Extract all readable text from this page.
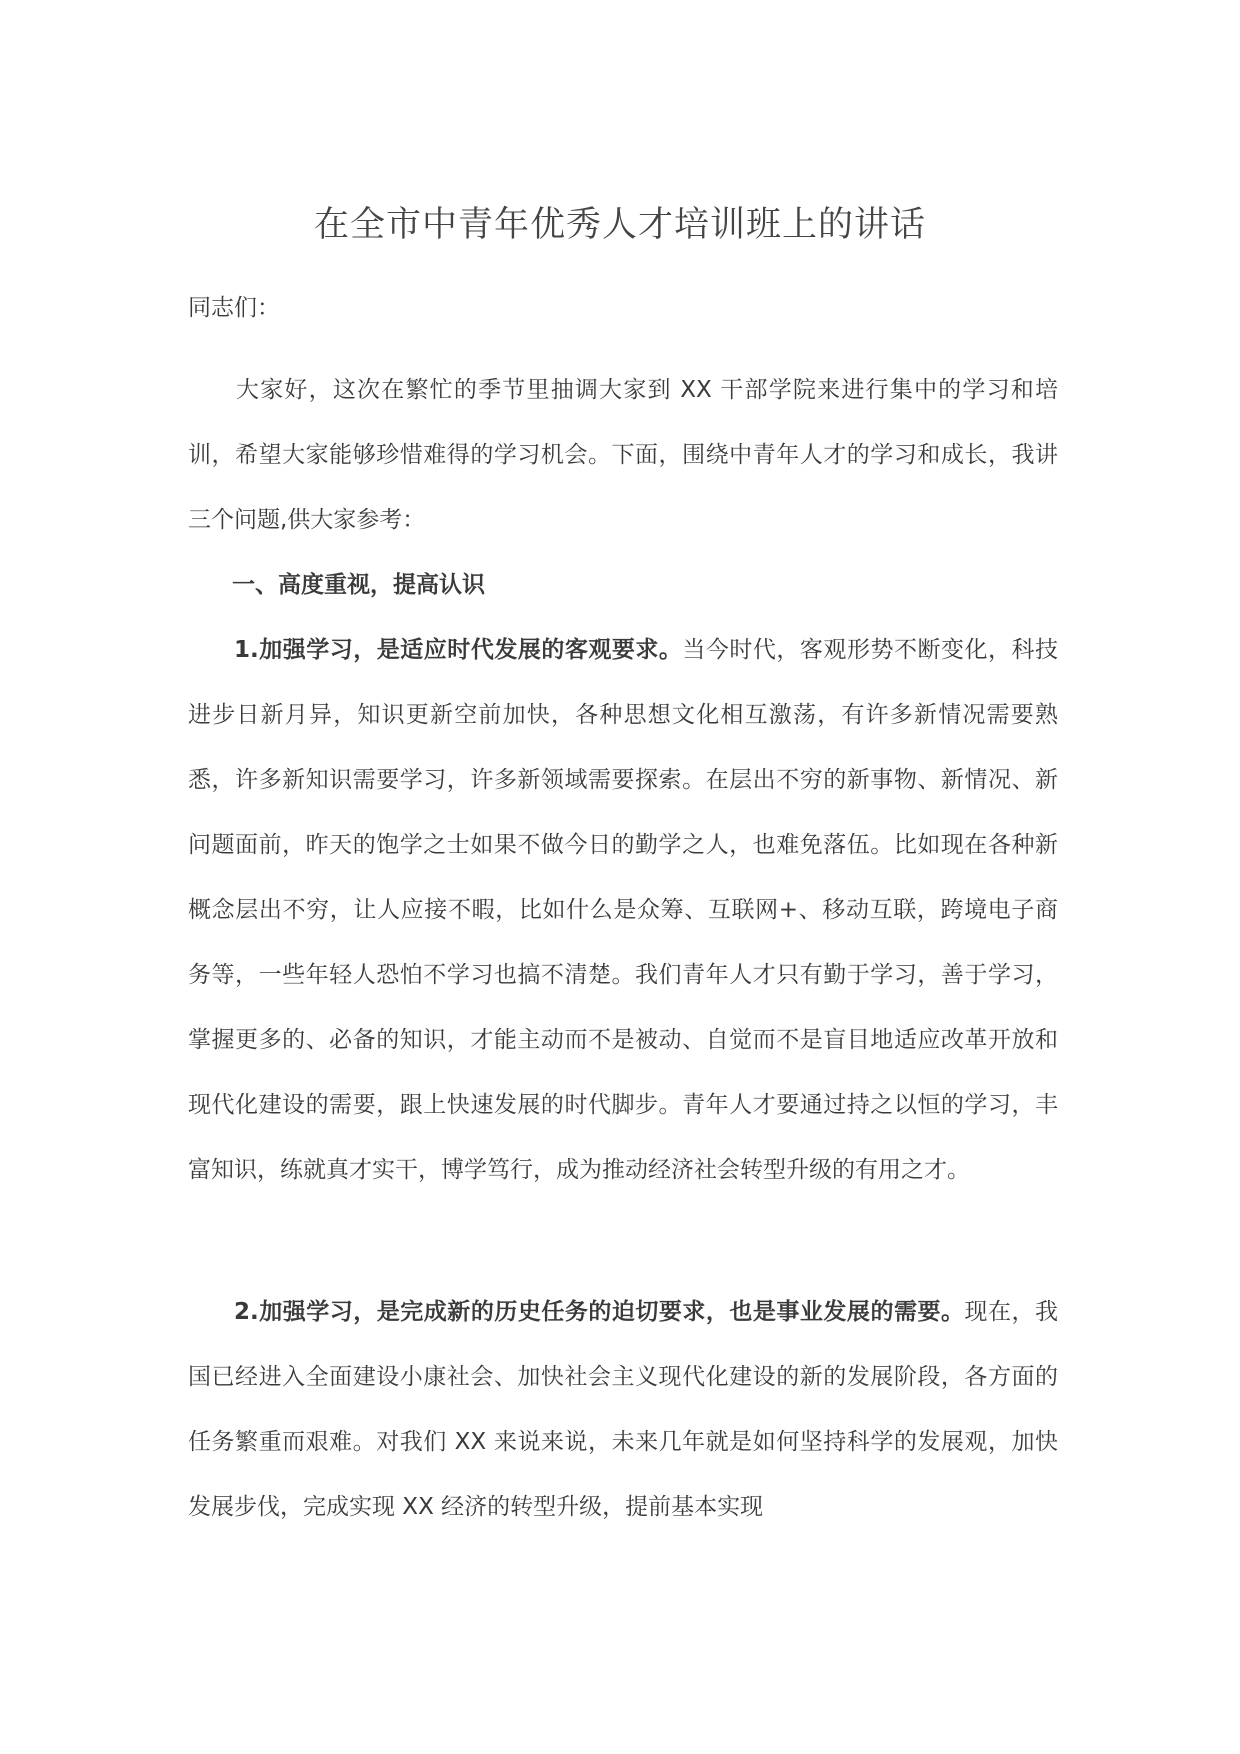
在全市中青年优秀人才培训班上的讲话
同志们：

大家好，这次在繁忙的季节里抽调大家到 XX 干部学院来进行集中的学习和培训，希望大家能够珍惜难得的学习机会。下面，围绕中青年人才的学习和成长，我讲三个问题,供大家参考：

一、高度重视，提高认识

1.加强学习，是适应时代发展的客观要求。当今时代，客观形势不断变化，科技进步日新月异，知识更新空前加快，各种思想文化相互激荡，有许多新情况需要熟悉，许多新知识需要学习，许多新领域需要探索。在层出不穷的新事物、新情况、新问题面前，昨天的饱学之士如果不做今日的勤学之人，也难免落伍。比如现在各种新概念层出不穷，让人应接不暇，比如什么是众筹、互联网+、移动互联，跨境电子商务等，一些年轻人恐怕不学习也搞不清楚。我们青年人才只有勤于学习，善于学习，掌握更多的、必备的知识，才能主动而不是被动、自觉而不是盲目地适应改革开放和现代化建设的需要，跟上快速发展的时代脚步。青年人才要通过持之以恒的学习，丰富知识，练就真才实干，博学笃行，成为推动经济社会转型升级的有用之才。

2.加强学习，是完成新的历史任务的迫切要求，也是事业发展的需要。现在，我国已经进入全面建设小康社会、加快社会主义现代化建设的新的发展阶段，各方面的任务繁重而艰难。对我们 XX 来说来说，未来几年就是如何坚持科学的发展观，加快发展步伐，完成实现 XX 经济的转型升级，提前基本实现
